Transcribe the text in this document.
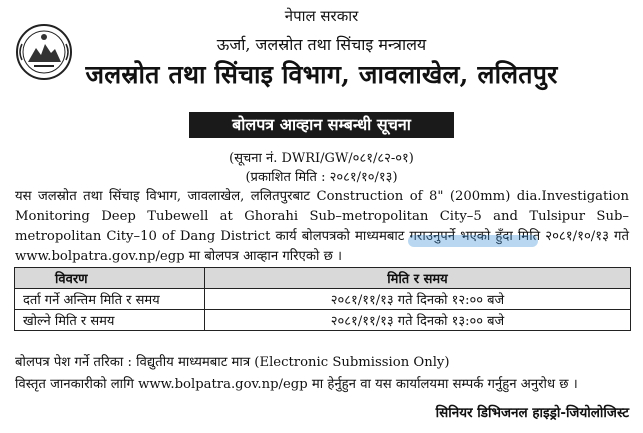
नेपाल सरकार
ऊर्जा, जलस्रोत तथा सिंचाइ मन्त्रालय
जलस्रोत तथा सिंचाइ विभाग, जावलाखेल, ललितपुर
बोलपत्र आव्हान सम्बन्धी सूचना
(सूचना नं. DWRI/GW/०८१/८२-०१)
(प्रकाशित मिति : २०८१/१०/१३)
यस जलस्रोत तथा सिंचाइ विभाग, जावलाखेल, ललितपुरबाट Construction of 8" (200mm) dia.Investigation Monitoring Deep Tubewell at Ghorahi Sub–metropolitan City–5 and Tulsipur Sub–metropolitan City–10 of Dang District कार्य बोलपत्रको माध्यमबाट गराउनुपर्ने भएको हुँदा मिति २०८१/१०/१३ गते www.bolpatra.gov.np/egp मा बोलपत्र आव्हान गरिएको छ ।
विवरण	मिति र समय
दर्ता गर्ने अन्तिम मिति र समय	२०८१/११/१३ गते दिनको १२:०० बजे
खोल्ने मिति र समय	२०८१/११/१३ गते दिनको १३:०० बजे
बोलपत्र पेश गर्ने तरिका : विद्युतीय माध्यमबाट मात्र (Electronic Submission Only)
विस्तृत जानकारीको लागि www.bolpatra.gov.np/egp मा हेर्नुहुन वा यस कार्यालयमा सम्पर्क गर्नुहुन अनुरोध छ ।
सिनियर डिभिजनल हाइड्रो-जियोलोजिस्ट
